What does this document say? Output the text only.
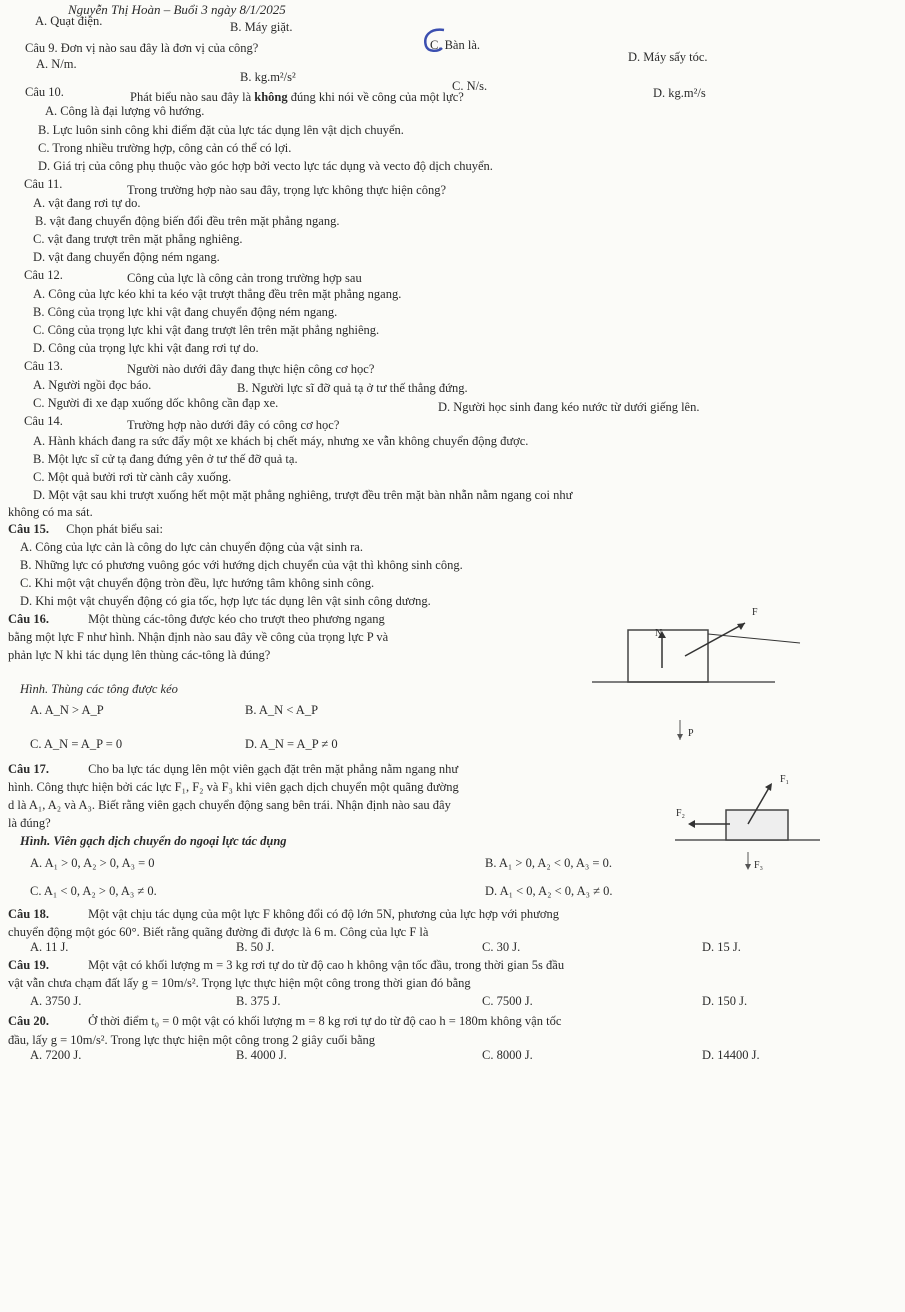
Nguyễn Thị Hoàn – Buổi 3 ngày 8/1/2025
A. Quạt điện.	B. Máy giặt.
C. Bàn là.
D. Máy sấy tóc.
Câu 9. Đơn vị nào sau đây là đơn vị của công?
A. N/m.
B. kg.m²/s²
C. N/s.	D. kg.m²/s
Câu 10.	Phát biểu nào sau đây là không đúng khi nói về công của một lực?
A. Công là đại lượng vô hướng.
B. Lực luôn sinh công khi điểm đặt của lực tác dụng lên vật dịch chuyển.
C. Trong nhiều trường hợp, công cản có thể có lợi.
D. Giá trị của công phụ thuộc vào góc hợp bởi vecto lực tác dụng và vecto độ dịch chuyển.
Câu 11.	Trong trường hợp nào sau đây, trọng lực không thực hiện công?
A. vật đang rơi tự do.
B. vật đang chuyển động biến đổi đều trên mặt phẳng ngang.
C. vật đang trượt trên mặt phẳng nghiêng.
D. vật đang chuyển động ném ngang.
Câu 12.	Công của lực là công cản trong trường hợp sau
A. Công của lực kéo khi ta kéo vật trượt thẳng đều trên mặt phẳng ngang.
B. Công của trọng lực khi vật đang chuyển động ném ngang.
C. Công của trọng lực khi vật đang trượt lên trên mặt phẳng nghiêng.
D. Công của trọng lực khi vật đang rơi tự do.
Câu 13.	Người nào dưới đây đang thực hiện công cơ học?
A. Người ngồi đọc báo.	B. Người lực sĩ đỡ quả tạ ở tư thế thẳng đứng.
C. Người đi xe đạp xuống dốc không cần đạp xe.	D. Người học sinh đang kéo nước từ dưới giếng lên.
Câu 14.	Trường hợp nào dưới đây có công cơ học?
A. Hành khách đang ra sức đẩy một xe khách bị chết máy, nhưng xe vẫn không chuyển động được.
B. Một lực sĩ cử tạ đang đứng yên ở tư thế đỡ quả tạ.
C. Một quả bưởi rơi từ cành cây xuống.
D. Một vật sau khi trượt xuống hết một mặt phẳng nghiêng, trượt đều trên mặt bàn nhẵn nằm ngang coi như
không có ma sát.
Câu 15. Chọn phát biểu sai:
A. Công của lực cản là công do lực cản chuyển động của vật sinh ra.
B. Những lực có phương vuông góc với hướng dịch chuyển của vật thì không sinh công.
C. Khi một vật chuyển động tròn đều, lực hướng tâm không sinh công.
D. Khi một vật chuyển động có gia tốc, hợp lực tác dụng lên vật sinh công dương.
Câu 16.	Một thùng các-tông được kéo cho trượt theo phương ngang
bằng một lực F như hình. Nhận định nào sau đây về công của trọng lực P và
phản lực N khi tác dụng lên thùng các-tông là đúng?
Hình. Thùng các tông được kéo
A. A_N > A_P	B. A_N < A_P
C. A_N = A_P = 0	D. A_N = A_P ≠ 0
F
N
P
Câu 17.	Cho ba lực tác dụng lên một viên gạch đặt trên mặt phẳng nằm ngang như
hình. Công thực hiện bởi các lực F₁, F₂ và F₃ khi viên gạch dịch chuyển một quãng đường
d là A₁, A₂ và A₃. Biết rằng viên gạch chuyển động sang bên trái. Nhận định nào sau đây
là đúng?
Hình. Viên gạch dịch chuyển do ngoại lực tác dụng
A. A₁ > 0, A₂ > 0, A₃ = 0	B. A₁ > 0, A₂ < 0, A₃ = 0.
C. A₁ < 0, A₂ > 0, A₃ ≠ 0.	D. A₁ < 0, A₂ < 0, A₃ ≠ 0.
F₁
F₂
F₃
Câu 18.	Một vật chịu tác dụng của một lực F không đổi có độ lớn 5N, phương của lực hợp với phương
chuyển động một góc 60°. Biết rằng quãng đường đi được là 6 m. Công của lực F là
A. 11 J.	B. 50 J.	C. 30 J.	D. 15 J.
Câu 19.	Một vật có khối lượng m = 3 kg rơi tự do từ độ cao h không vận tốc đầu, trong thời gian 5s đầu
vật vẫn chưa chạm đất lấy g = 10m/s². Trọng lực thực hiện một công trong thời gian đó bằng
A. 3750 J.	B. 375 J.	C. 7500 J.	D. 150 J.
Câu 20.	Ở thời điểm t₀ = 0 một vật có khối lượng m = 8 kg rơi tự do từ độ cao h = 180m không vận tốc
đầu, lấy g = 10m/s². Trong lực thực hiện một công trong 2 giây cuối bằng
A. 7200 J.	B. 4000 J.	C. 8000 J.	D. 14400 J.
